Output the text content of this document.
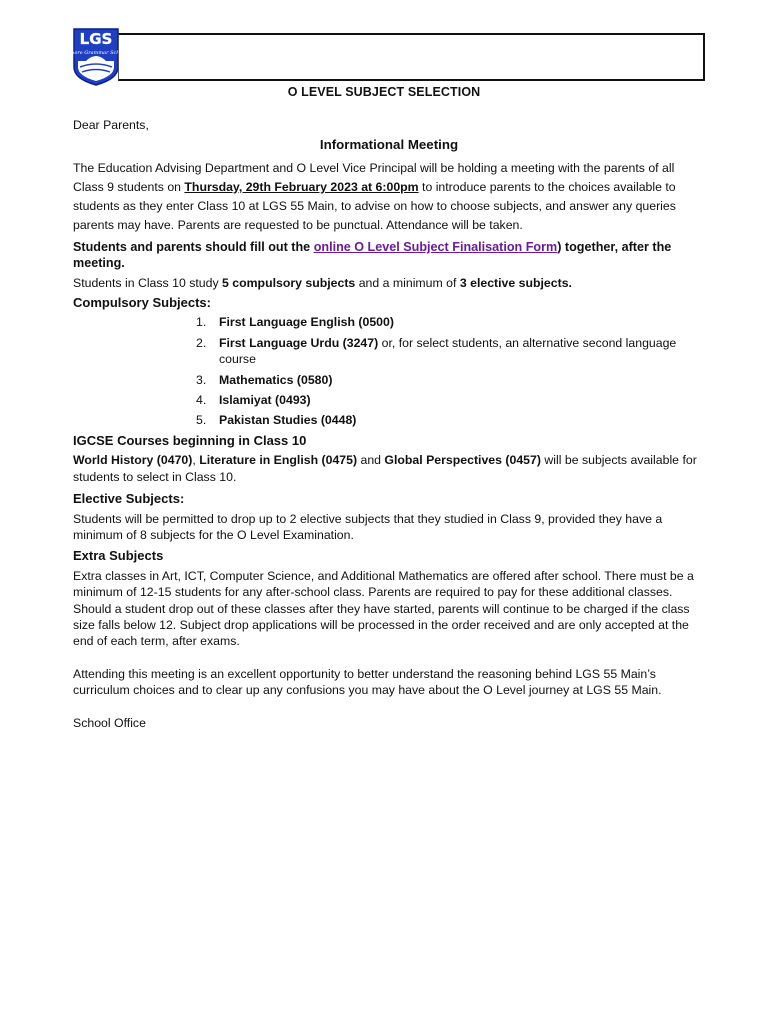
LGS
Lahore Grammar School
O LEVEL SUBJECT SELECTION

Dear Parents,

Informational Meeting

The Education Advising Department and O Level Vice Principal will be holding a meeting with the parents of all Class 9 students on Thursday, 29th February 2023 at 6:00pm to introduce parents to the choices available to students as they enter Class 10 at LGS 55 Main, to advise on how to choose subjects, and answer any queries parents may have. Parents are requested to be punctual. Attendance will be taken.

Students and parents should fill out the online O Level Subject Finalisation Form) together, after the meeting.

Students in Class 10 study 5 compulsory subjects and a minimum of 3 elective subjects.

Compulsory Subjects:

1. First Language English (0500)
2. First Language Urdu (3247) or, for select students, an alternative second language course
3. Mathematics (0580)
4. Islamiyat (0493)
5. Pakistan Studies (0448)

IGCSE Courses beginning in Class 10

World History (0470), Literature in English (0475) and Global Perspectives (0457) will be subjects available for students to select in Class 10.

Elective Subjects:

Students will be permitted to drop up to 2 elective subjects that they studied in Class 9, provided they have a minimum of 8 subjects for the O Level Examination.

Extra Subjects

Extra classes in Art, ICT, Computer Science, and Additional Mathematics are offered after school. There must be a minimum of 12-15 students for any after-school class. Parents are required to pay for these additional classes. Should a student drop out of these classes after they have started, parents will continue to be charged if the class size falls below 12. Subject drop applications will be processed in the order received and are only accepted at the end of each term, after exams.

Attending this meeting is an excellent opportunity to better understand the reasoning behind LGS 55 Main’s curriculum choices and to clear up any confusions you may have about the O Level journey at LGS 55 Main.

School Office
